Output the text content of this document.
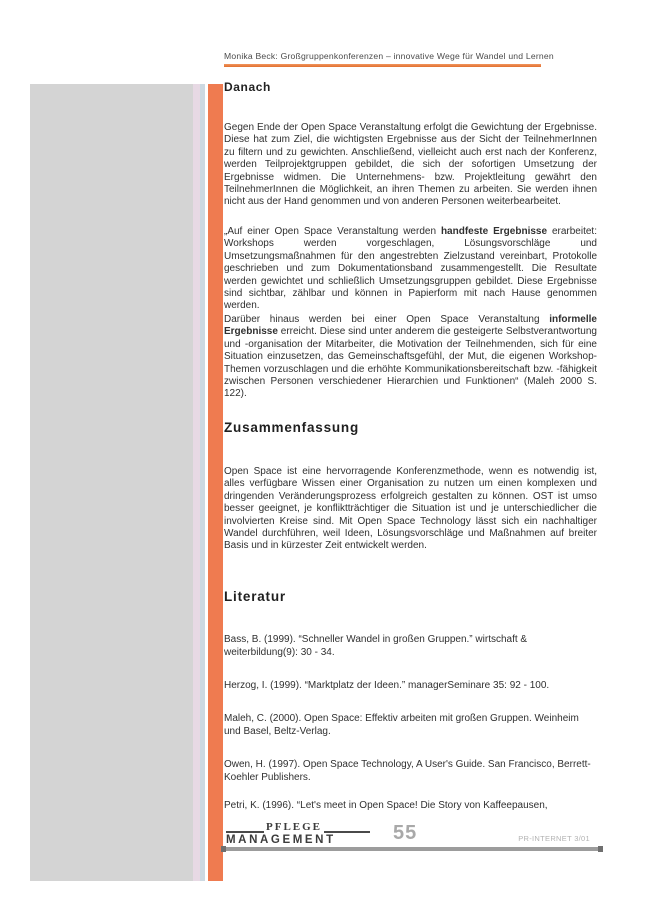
Monika Beck: Großgruppenkonferenzen – innovative Wege für Wandel und Lernen
Danach

Gegen Ende der Open Space Veranstaltung erfolgt die Gewichtung der Ergebnisse. Diese hat zum Ziel, die wichtigsten Ergebnisse aus der Sicht der TeilnehmerInnen zu filtern und zu gewichten. Anschließend, vielleicht auch erst nach der Konferenz, werden Teilprojektgruppen gebildet, die sich der sofortigen Umsetzung der Ergebnisse widmen. Die Unternehmens- bzw. Projektleitung gewährt den TeilnehmerInnen die Möglichkeit, an ihren Themen zu arbeiten. Sie werden ihnen nicht aus der Hand genommen und von anderen Personen weiterbearbeitet.

„Auf einer Open Space Veranstaltung werden handfeste Ergebnisse erarbeitet: Workshops werden vorgeschlagen, Lösungsvorschläge und Umsetzungsmaßnahmen für den angestrebten Zielzustand vereinbart, Protokolle geschrieben und zum Dokumentationsband zusammengestellt. Die Resultate werden gewichtet und schließlich Umsetzungsgruppen gebildet. Diese Ergebnisse sind sichtbar, zählbar und können in Papierform mit nach Hause genommen werden.

Darüber hinaus werden bei einer Open Space Veranstaltung informelle Ergebnisse erreicht. Diese sind unter anderem die gesteigerte Selbstverantwortung und -organisation der Mitarbeiter, die Motivation der Teilnehmenden, sich für eine Situation einzusetzen, das Gemeinschaftsgefühl, der Mut, die eigenen Workshop-Themen vorzuschlagen und die erhöhte Kommunikationsbereitschaft bzw. -fähigkeit zwischen Personen verschiedener Hierarchien und Funktionen“ (Maleh 2000 S. 122).

Zusammenfassung

Open Space ist eine hervorragende Konferenzmethode, wenn es notwendig ist, alles verfügbare Wissen einer Organisation zu nutzen um einen komplexen und dringenden Veränderungsprozess erfolgreich gestalten zu können. OST ist umso besser geeignet, je konfliktträchtiger die Situation ist und je unterschiedlicher die involvierten Kreise sind. Mit Open Space Technology lässt sich ein nachhaltiger Wandel durchführen, weil Ideen, Lösungsvorschläge und Maßnahmen auf breiter Basis und in kürzester Zeit entwickelt werden.

Literatur

Bass, B. (1999). “Schneller Wandel in großen Gruppen.” wirtschaft & weiterbildung(9): 30 - 34.

Herzog, I. (1999). “Marktplatz der Ideen.” managerSeminare 35: 92 - 100.

Maleh, C. (2000). Open Space: Effektiv arbeiten mit großen Gruppen. Weinheim und Basel, Beltz-Verlag.

Owen, H. (1997). Open Space Technology, A User's Guide. San Francisco, Berrett-Koehler Publishers.

Petri, K. (1996). “Let's meet in Open Space! Die Story von Kaffeepausen,

PFLEGE
MANAGEMENT	55	PR-INTERNET 3/01
